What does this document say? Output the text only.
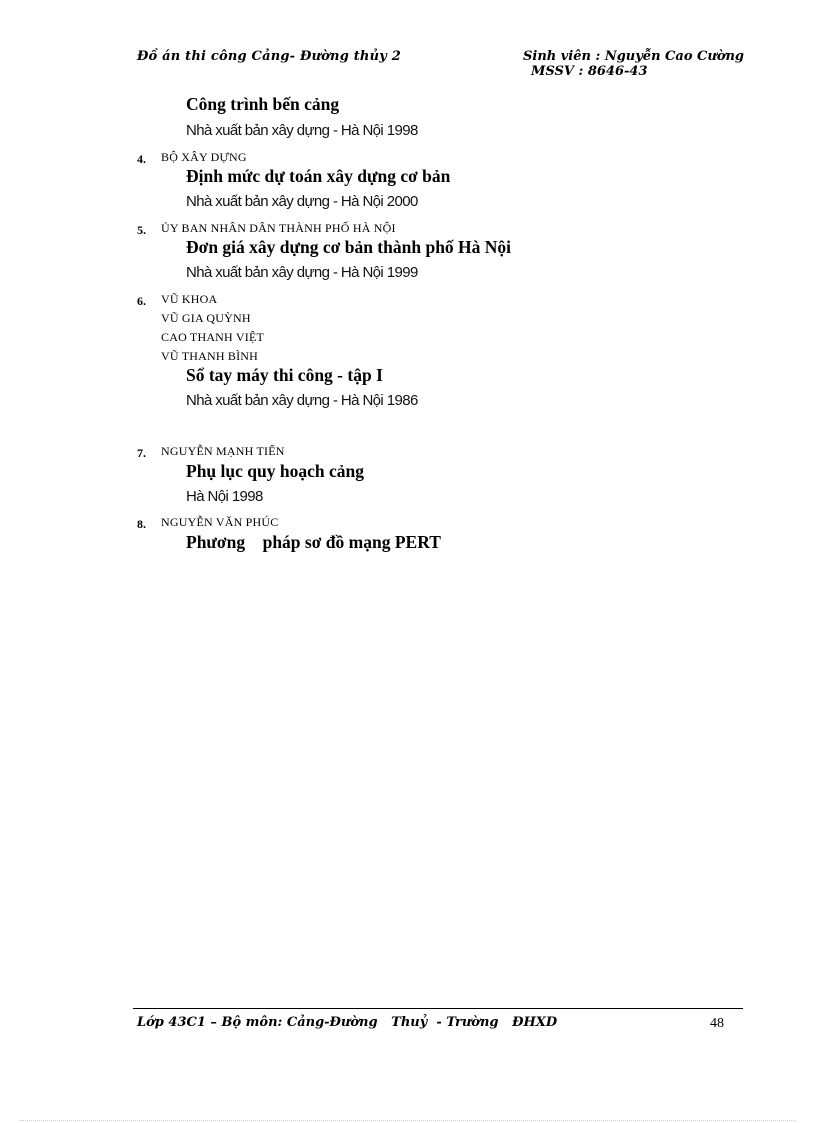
Đồ án thi công Cảng- Đường thủy 2	Sinh viên : Nguyễn Cao Cường
MSSV : 8646-43
Công trình bến cảng
Nhà xuất bản xây dựng - Hà Nội 1998
4. BỘ XÂY DỰNG
Định mức dự toán xây dựng cơ bản
Nhà xuất bản xây dựng - Hà Nội 2000
5. ỦY BAN NHÂN DÂN THÀNH PHỐ HÀ NỘI
Đơn giá xây dựng cơ bản thành phố Hà Nội
Nhà xuất bản xây dựng - Hà Nội 1999
6. VŨ KHOA
VŨ GIA QUỲNH
CAO THANH VIỆT
VŨ THANH BÌNH
Sổ tay máy thi công - tập I
Nhà xuất bản xây dựng - Hà Nội 1986
7. NGUYỄN MẠNH TIẾN
Phụ lục quy hoạch cảng
Hà Nội 1998
8. NGUYỄN VĂN PHÚC
Phương    pháp sơ đồ mạng PERT
Lớp 43C1 – Bộ môn: Cảng-Đường   Thuỷ  - Trường   ĐHXD	48
